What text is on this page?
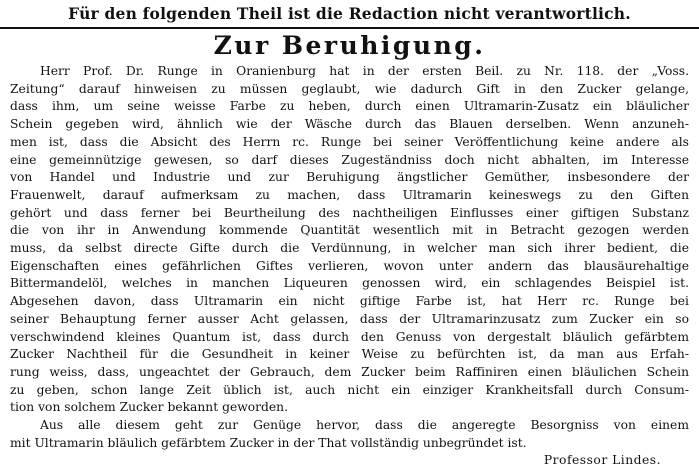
Für den folgenden Theil ist die Redaction nicht verantwortlich.
Zur Beruhigung.
Herr Prof. Dr. Runge in Oranienburg hat in der ersten Beil. zu Nr. 118. der „Voss.
Zeitung“ darauf hinweisen zu müssen geglaubt, wie dadurch Gift in den Zucker gelange,
dass ihm, um seine weisse Farbe zu heben, durch einen Ultramarin-Zusatz ein bläulicher
Schein gegeben wird, ähnlich wie der Wäsche durch das Blauen derselben. Wenn anzuneh-
men ist, dass die Absicht des Herrn rc. Runge bei seiner Veröffentlichung keine andere als
eine gemeinnützige gewesen, so darf dieses Zugeständniss doch nicht abhalten, im Interesse
von Handel und Industrie und zur Beruhigung ängstlicher Gemüther, insbesondere der
Frauenwelt, darauf aufmerksam zu machen, dass Ultramarin keineswegs zu den Giften
gehört und dass ferner bei Beurtheilung des nachtheiligen Einflusses einer giftigen Substanz
die von ihr in Anwendung kommende Quantität wesentlich mit in Betracht gezogen werden
muss, da selbst directe Gifte durch die Verdünnung, in welcher man sich ihrer bedient, die
Eigenschaften eines gefährlichen Giftes verlieren, wovon unter andern das blausäurehaltige
Bittermandelöl, welches in manchen Liqueuren genossen wird, ein schlagendes Beispiel ist.
Abgesehen davon, dass Ultramarin ein nicht giftige Farbe ist, hat Herr rc. Runge bei
seiner Behauptung ferner ausser Acht gelassen, dass der Ultramarinzusatz zum Zucker ein so
verschwindend kleines Quantum ist, dass durch den Genuss von dergestalt bläulich gefärbtem
Zucker Nachtheil für die Gesundheit in keiner Weise zu befürchten ist, da man aus Erfah-
rung weiss, dass, ungeachtet der Gebrauch, dem Zucker beim Raffiniren einen bläulichen Schein
zu geben, schon lange Zeit üblich ist, auch nicht ein einziger Krankheitsfall durch Consum-
tion von solchem Zucker bekannt geworden.
Aus alle diesem geht zur Genüge hervor, dass die angeregte Besorgniss von einem
mit Ultramarin bläulich gefärbtem Zucker in der That vollständig unbegründet ist.
Professor Lindes.
